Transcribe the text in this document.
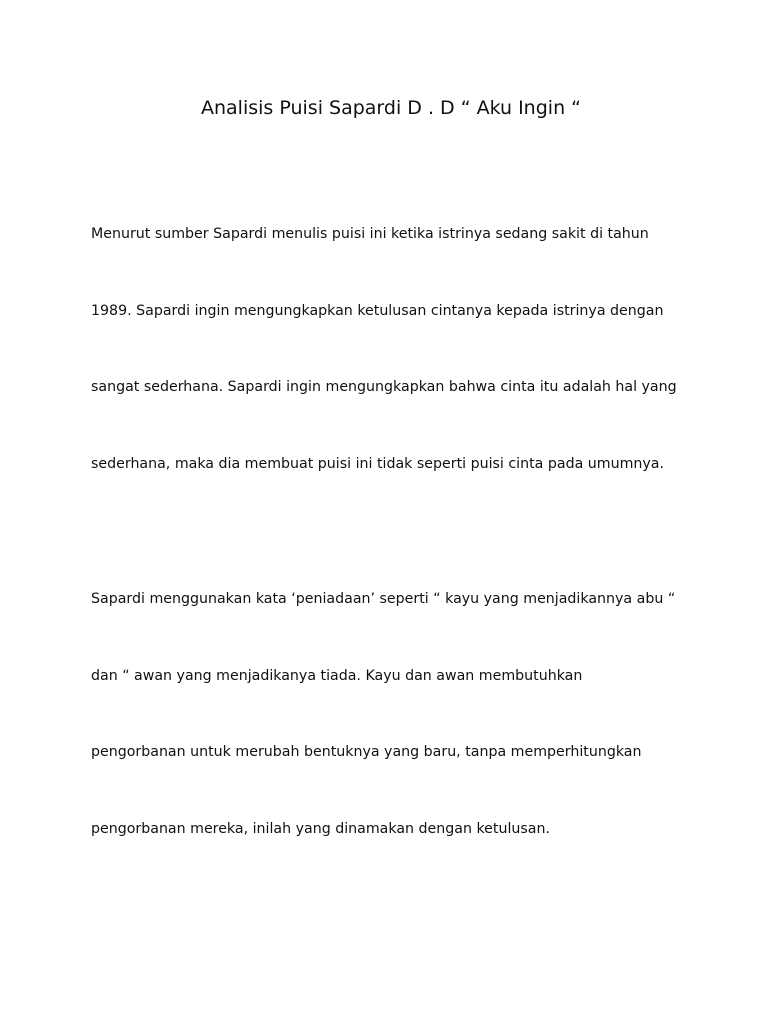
Analisis Puisi Sapardi D . D “ Aku Ingin “

Menurut sumber Sapardi menulis puisi ini ketika istrinya sedang sakit di tahun

1989. Sapardi ingin mengungkapkan ketulusan cintanya kepada istrinya dengan

sangat sederhana. Sapardi ingin mengungkapkan bahwa cinta itu adalah hal yang

sederhana, maka dia membuat puisi ini tidak seperti puisi cinta pada umumnya.

Sapardi menggunakan kata ‘peniadaan’ seperti “ kayu yang menjadikannya abu “

dan “ awan yang menjadikanya tiada. Kayu dan awan membutuhkan

pengorbanan untuk merubah bentuknya yang baru, tanpa memperhitungkan

pengorbanan mereka, inilah yang dinamakan dengan ketulusan.
